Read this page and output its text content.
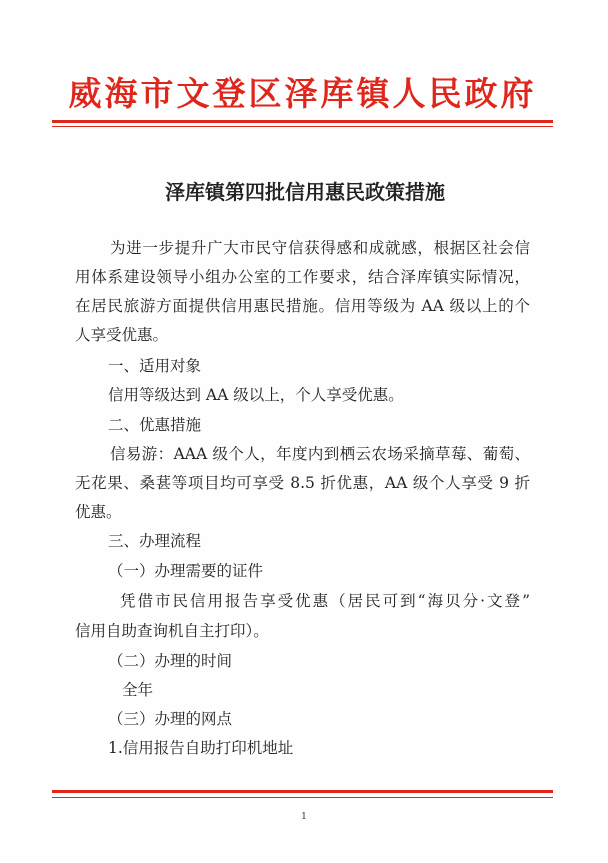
威海市文登区泽库镇人民政府
泽库镇第四批信用惠民政策措施
为进一步提升广大市民守信获得感和成就感，根据区社会信
用体系建设领导小组办公室的工作要求，结合泽库镇实际情况，
在居民旅游方面提供信用惠民措施。信用等级为 AA 级以上的个
人享受优惠。
一、适用对象
信用等级达到 AA 级以上，个人享受优惠。
二、优惠措施
信易游：AAA 级个人，年度内到栖云农场采摘草莓、葡萄、
无花果、桑葚等项目均可享受 8.5 折优惠，AA 级个人享受 9 折
优惠。
三、办理流程
（一）办理需要的证件
凭借市民信用报告享受优惠（居民可到“海贝分·文登”
信用自助查询机自主打印）。
（二）办理的时间
全年
（三）办理的网点
1.信用报告自助打印机地址
1
